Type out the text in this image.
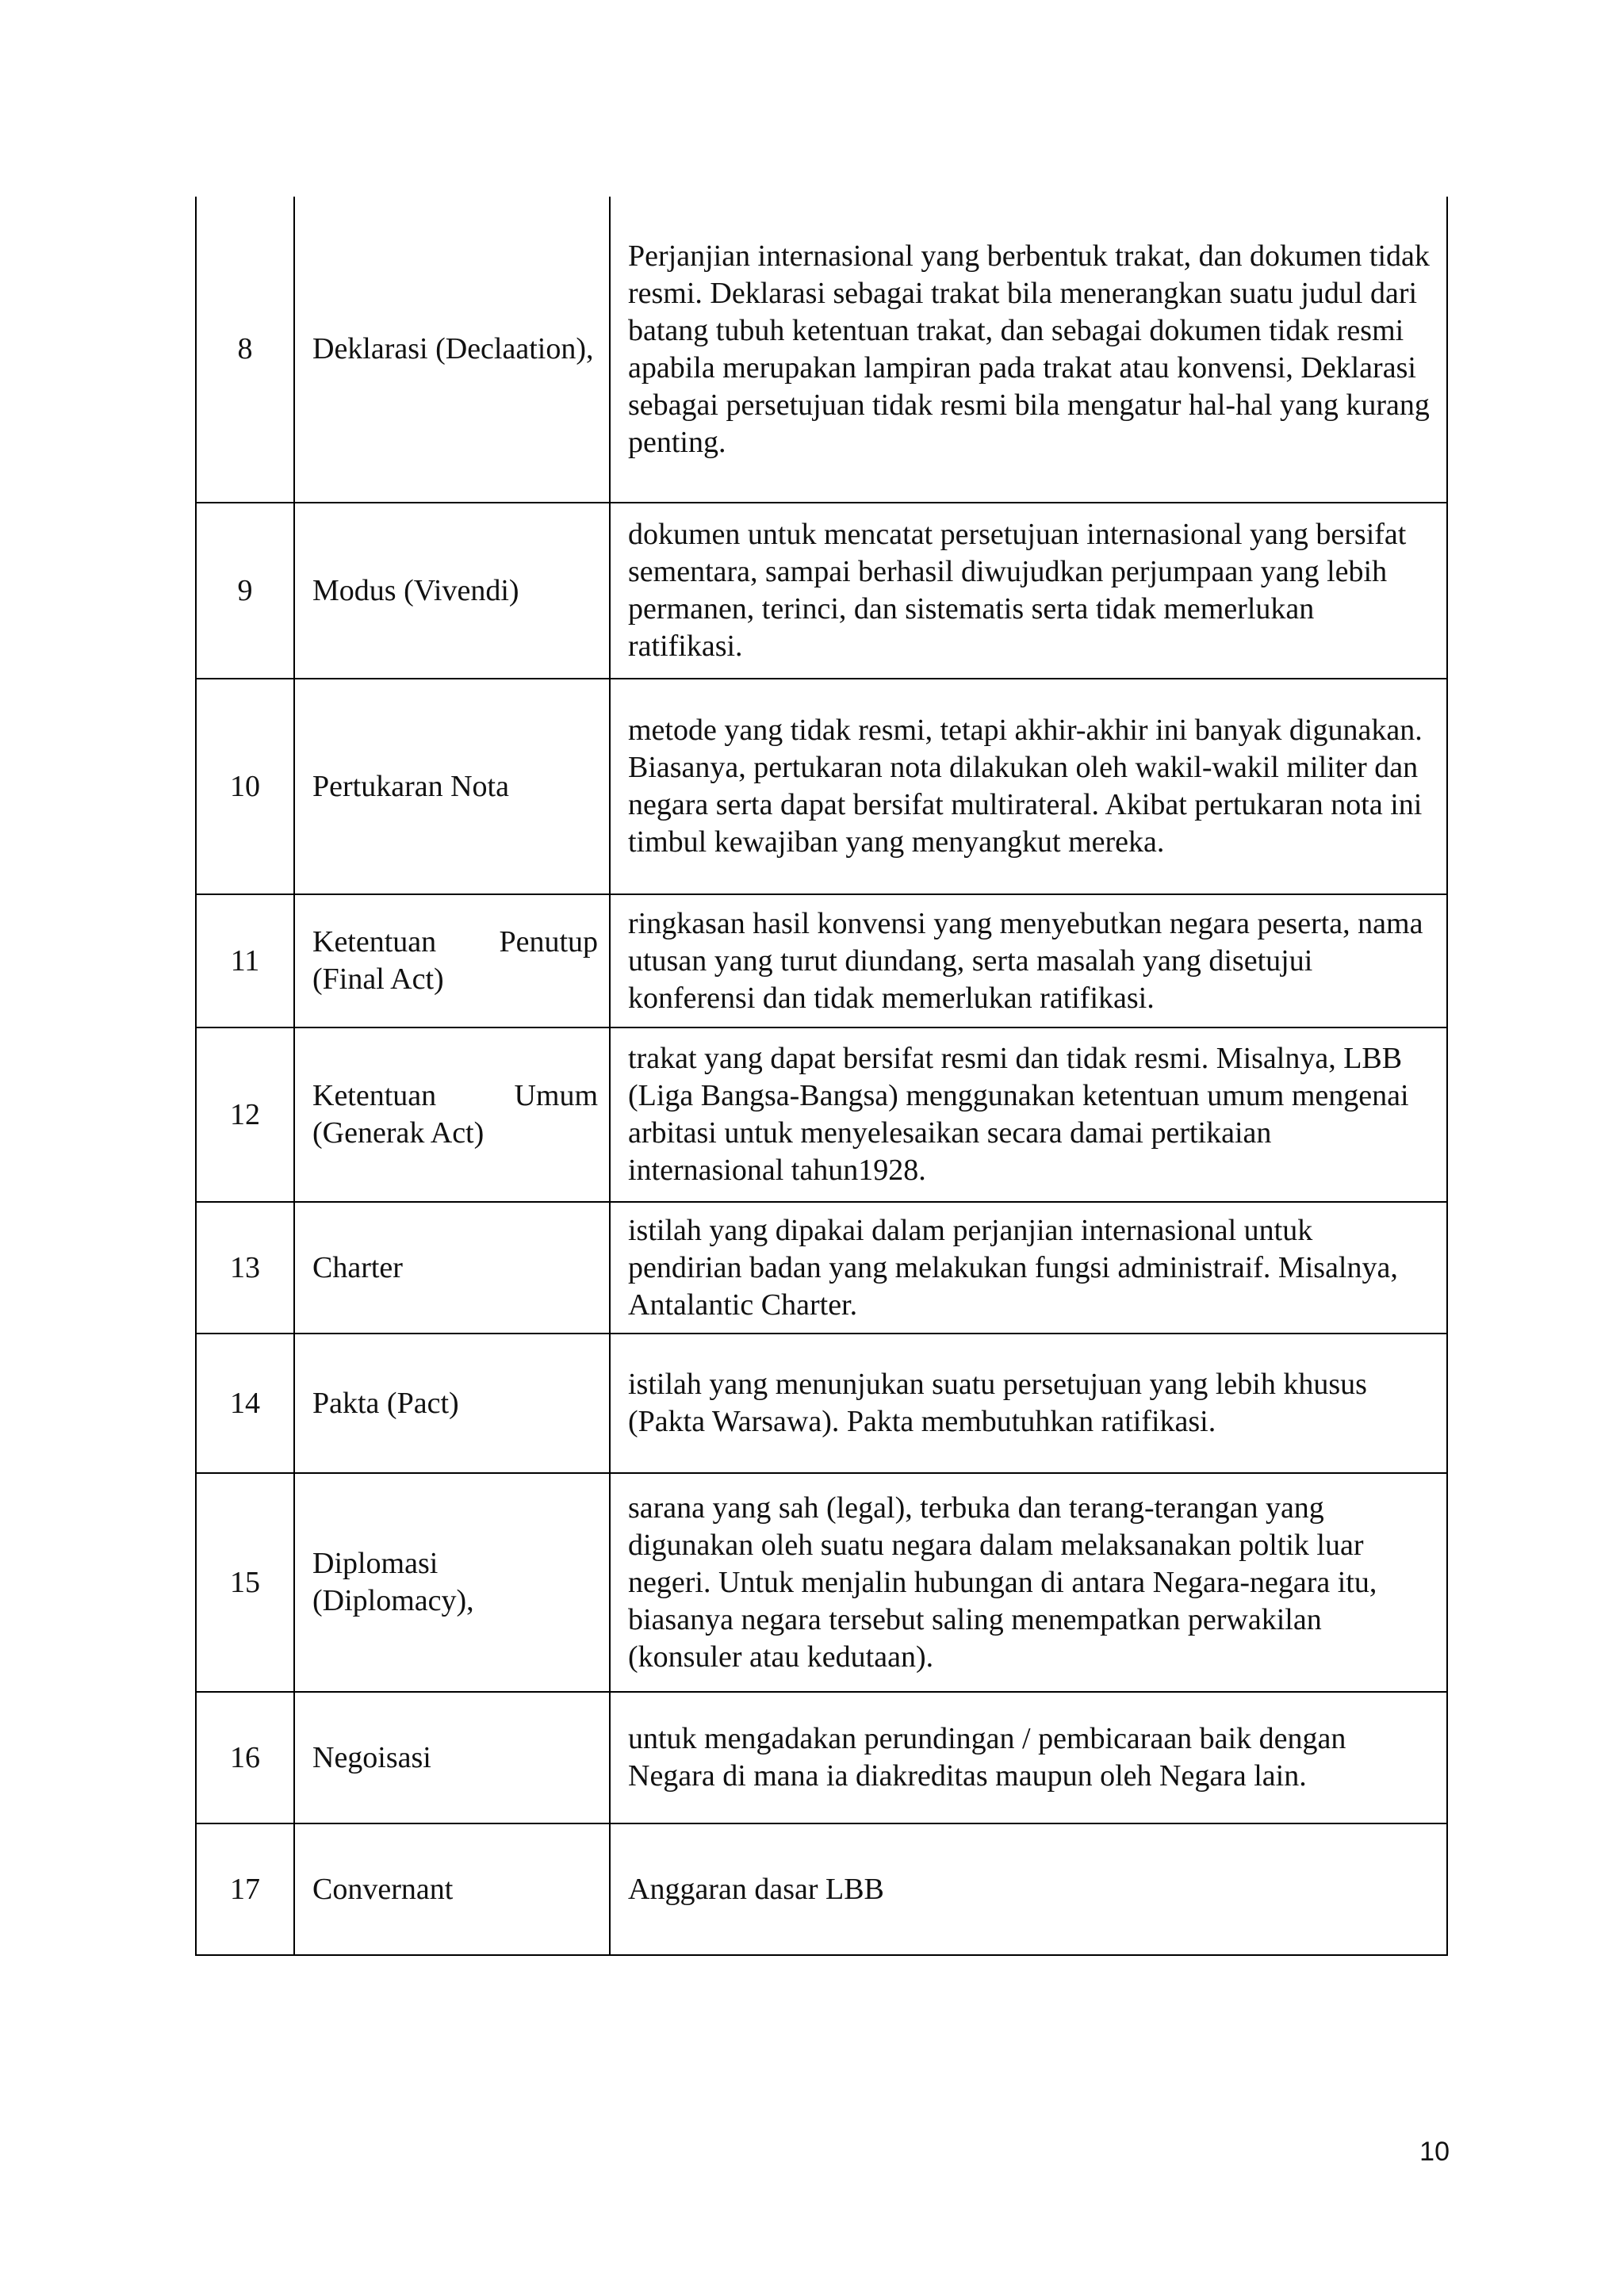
8	Deklarasi (Declaation),	Perjanjian internasional yang berbentuk trakat, dan dokumen tidak resmi. Deklarasi sebagai trakat bila menerangkan suatu judul dari batang tubuh ketentuan trakat, dan sebagai dokumen tidak resmi apabila merupakan lampiran pada trakat atau konvensi, Deklarasi sebagai persetujuan tidak resmi bila mengatur hal-hal yang kurang penting.
9	Modus (Vivendi)	dokumen untuk mencatat persetujuan internasional yang bersifat sementara, sampai berhasil diwujudkan perjumpaan yang lebih permanen, terinci, dan sistematis serta tidak memerlukan ratifikasi.
10	Pertukaran Nota	metode yang tidak resmi, tetapi akhir-akhir ini banyak digunakan. Biasanya, pertukaran nota dilakukan oleh wakil-wakil militer dan negara serta dapat bersifat multirateral. Akibat pertukaran nota ini timbul kewajiban yang menyangkut mereka.
11	Ketentuan Penutup (Final Act)	ringkasan hasil konvensi yang menyebutkan negara peserta, nama utusan yang turut diundang, serta masalah yang disetujui konferensi dan tidak memerlukan ratifikasi.
12	Ketentuan Umum (Generak Act)	trakat yang dapat bersifat resmi dan tidak resmi. Misalnya, LBB (Liga Bangsa-Bangsa) menggunakan ketentuan umum mengenai arbitasi untuk menyelesaikan secara damai pertikaian internasional tahun1928.
13	Charter	istilah yang dipakai dalam perjanjian internasional untuk pendirian badan yang melakukan fungsi administraif. Misalnya, Antalantic Charter.
14	Pakta (Pact)	istilah yang menunjukan suatu persetujuan yang lebih khusus (Pakta Warsawa). Pakta membutuhkan ratifikasi.
15	Diplomasi (Diplomacy),	sarana yang sah (legal), terbuka dan terang-terangan yang digunakan oleh suatu negara dalam melaksanakan poltik luar negeri. Untuk menjalin hubungan di antara Negara-negara itu, biasanya negara tersebut saling menempatkan perwakilan (konsuler atau kedutaan).
16	Negoisasi	untuk mengadakan perundingan / pembicaraan baik dengan Negara di mana ia diakreditas maupun oleh Negara lain.
17	Convernant	Anggaran dasar LBB
10
